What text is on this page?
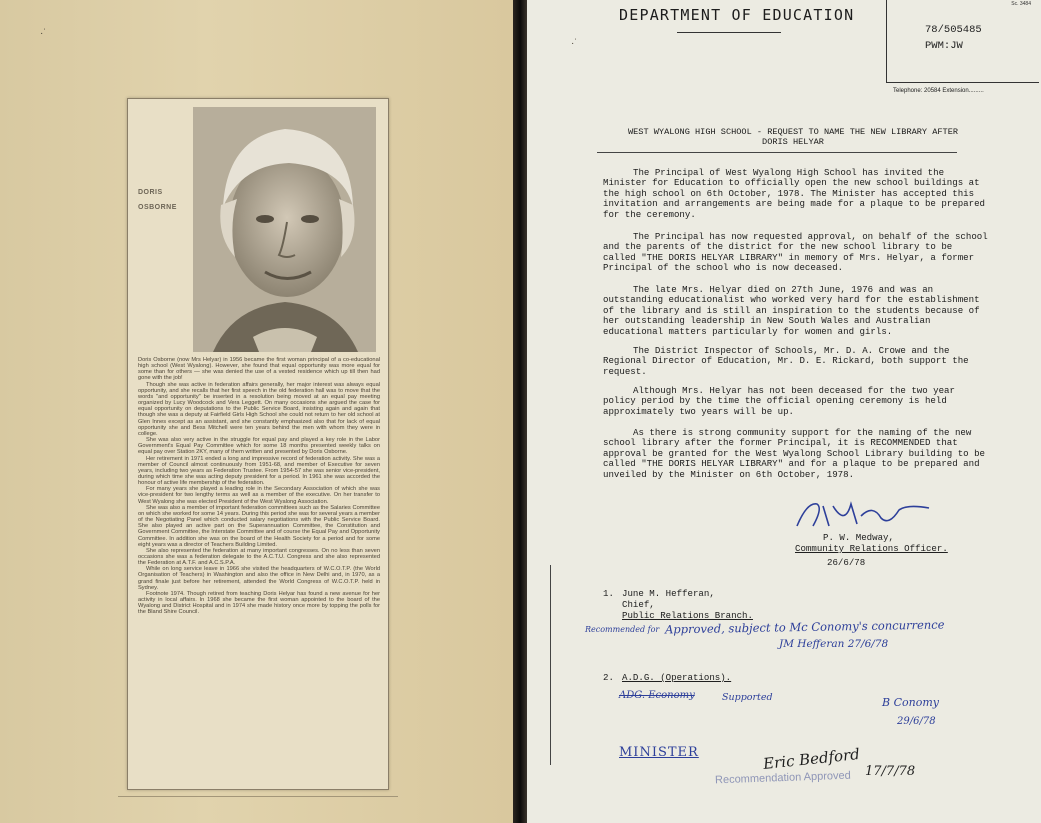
·˙
DORIS
OSBORNE

Doris Osborne (now Mrs Helyar) in 1956 became the first woman principal of a co-educational high school (West Wyalong). However, she found that equal opportunity was more equal for some than for others — she was denied the use of a vested residence which up till then had gone with the job!

Though she was active in federation affairs generally, her major interest was always equal opportunity, and she recalls that her first speech in the old federation hall was to move that the words "and opportunity" be inserted in a resolution being moved at an equal pay meeting organized by Lucy Woodcock and Vera Leggett. On many occasions she argued the case for equal opportunity on deputations to the Public Service Board, insisting again and again that though she was a deputy at Fairfield Girls High School she could not return to her old school at Glen Innes except as an assistant, and she constantly emphasized also that for lack of equal opportunity she and Bess Mitchell were ten years behind the men with whom they were in college.

She was also very active in the struggle for equal pay and played a key role in the Labor Government's Equal Pay Committee which for some 18 months presented weekly talks on equal pay over Station 2KY, many of them written and presented by Doris Osborne.

Her retirement in 1971 ended a long and impressive record of federation activity. She was a member of Council almost continuously from 1951-68, and member of Executive for seven years, including two years as Federation Trustee. From 1954-57 she was senior vice-president, during which time she was acting deputy president for a period. In 1961 she was accorded the honour of active life membership of the federation.

For many years she played a leading role in the Secondary Association of which she was vice-president for two lengthy terms as well as a member of the executive. On her transfer to West Wyalong she was elected President of the West Wyalong Association.

She was also a member of important federation committees such as the Salaries Committee on which she worked for some 14 years. During this period she was for several years a member of the Negotiating Panel which conducted salary negotiations with the Public Service Board. She also played an active part on the Superannuation Committee, the Constitution and Government Committee, the Interstate Committee and of course the Equal Pay and Opportunity Committee. In addition she was on the board of the Health Society for a period and for some eight years was a director of Teachers Building Limited.

She also represented the federation at many important congresses. On no less than seven occasions she was a federation delegate to the A.C.T.U. Congress and she also represented the Federation at A.T.F. and A.C.S.P.A.

While on long service leave in 1966 she visited the headquarters of W.C.O.T.P. (the World Organisation of Teachers) in Washington and also the office in New Delhi and, in 1970, as a grand finale just before her retirement, attended the World Congress of W.C.O.T.P. held in Sydney.

Footnote 1974. Though retired from teaching Doris Helyar has found a new avenue for her activity in local affairs. In 1968 she became the first woman appointed to the board of the Wyalong and District Hospital and in 1974 she made history once more by topping the polls for the Bland Shire Council.

DEPARTMENT OF EDUCATION
·˙
Sc. 3484
78/505485
PWM:JW
Telephone: 20584 Extension.........
WEST WYALONG HIGH SCHOOL - REQUEST TO NAME THE NEW LIBRARY AFTER
DORIS HELYAR

The Principal of West Wyalong High School has invited the Minister for Education to officially open the new school buildings at the high school on 6th October, 1978. The Minister has accepted this invitation and arrangements are being made for a plaque to be prepared for the ceremony.

The Principal has now requested approval, on behalf of the school and the parents of the district for the new school library to be called "THE DORIS HELYAR LIBRARY" in memory of Mrs. Helyar, a former Principal of the school who is now deceased.

The late Mrs. Helyar died on 27th June, 1976 and was an outstanding educationalist who worked very hard for the establishment of the library and is still an inspiration to the students because of her outstanding leadership in New South Wales and Australian educational matters particularly for women and girls.

The District Inspector of Schools, Mr. D. A. Crowe and the Regional Director of Education, Mr. D. E. Rickard, both support the request.

Although Mrs. Helyar has not been deceased for the two year policy period by the time the official opening ceremony is held approximately two years will be up.

As there is strong community support for the naming of the new school library after the former Principal, it is RECOMMENDED that approval be granted for the West Wyalong School Library building to be called "THE DORIS HELYAR LIBRARY" and for a plaque to be prepared and unveiled by the Minister on 6th October, 1978.

P. W. Medway,
Community Relations Officer.
26/6/78
1. June M. Hefferan,
Chief,
Public Relations Branch.
Recommended for Approved, subject to Mc Conomy's concurrence
JM Hefferan 27/6/78
2. A.D.G. (Operations).
ADG. Economy	Supported	B Conomy
29/6/78
MINISTER
Recommendation Approved
Eric Bedford 17/7/78
